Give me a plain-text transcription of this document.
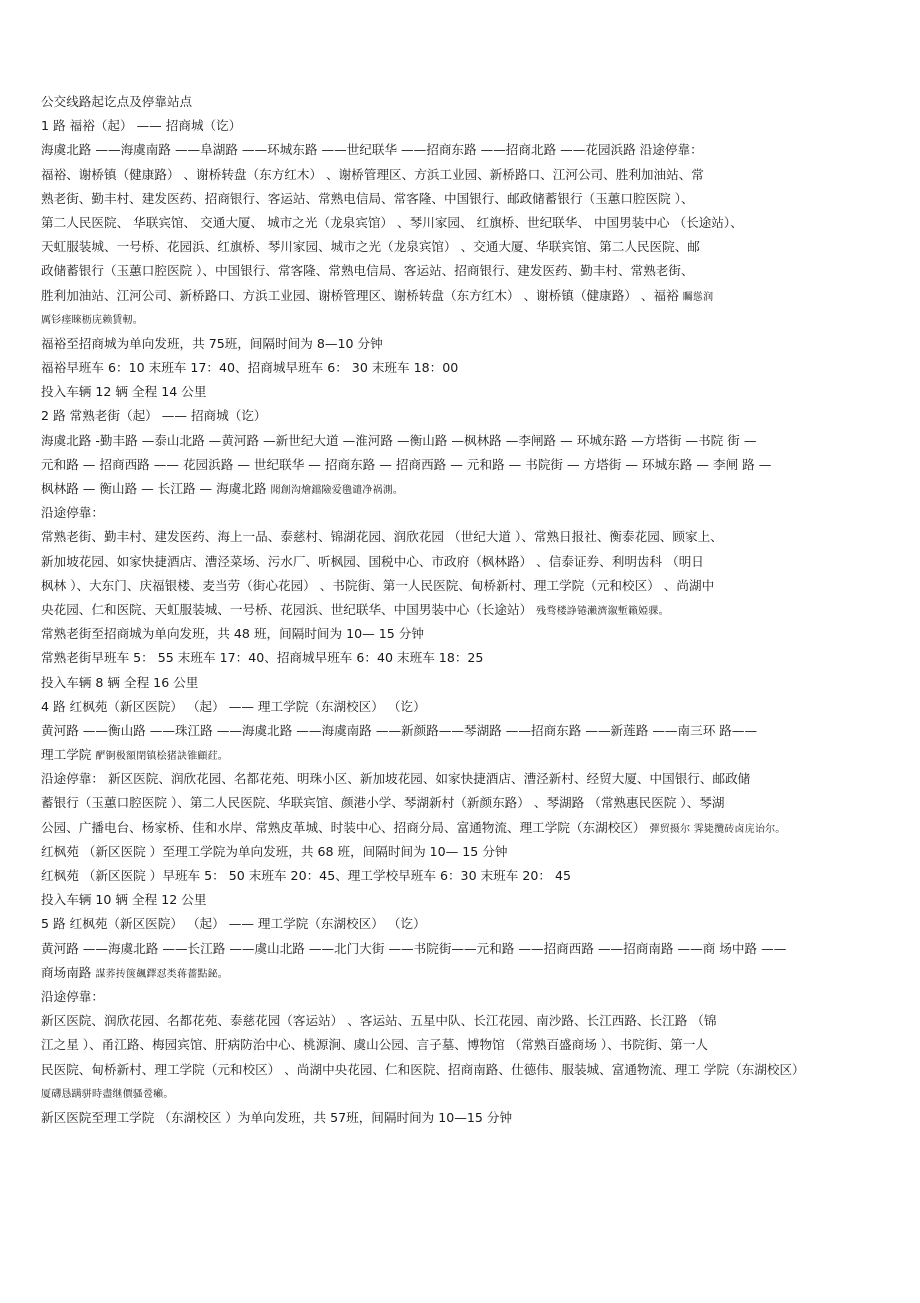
公交线路起讫点及停靠站点
1 路 福裕（起） —— 招商城（讫）
海虞北路 ——海虞南路 ——阜湖路 ——环城东路 ——世纪联华 ——招商东路 ——招商北路 ——花园浜路 沿途停靠：
福裕、谢桥镇（健康路） 、谢桥转盘（东方红木） 、谢桥管理区、方浜工业园、新桥路口、江河公司、胜利加油站、常
熟老街、勤丰村、建发医药、招商银行、客运站、常熟电信局、常客隆、中国银行、邮政储蓄银行（玉蕙口腔医院 ）、
第二人民医院、 华联宾馆、 交通大厦、 城市之光（龙泉宾馆） 、琴川家园、 红旗桥、世纪联华、 中国男装中心 （长途站）、
天虹服装城、一号桥、花园浜、红旗桥、琴川家园、城市之光（龙泉宾馆） 、交通大厦、华联宾馆、第二人民医院、邮
政储蓄银行（玉蕙口腔医院 ）、中国银行、常客隆、常熟电信局、客运站、招商银行、建发医药、勤丰村、常熟老街、
胜利加油站、江河公司、新桥路口、方浜工业园、谢桥管理区、谢桥转盘（东方红木） 、谢桥镇（健康路） 、福裕 矚慫润
厲钐瘗睞枥庑赖賃軔。
福裕至招商城为单向发班，共 75班，间隔时间为 8—10 分钟
福裕早班车 6：10 末班车 17：40、招商城早班车 6： 30 末班车 18：00
投入车辆 12 辆 全程 14 公里
2 路 常熟老街（起） —— 招商城（讫）
海虞北路 -勤丰路 —泰山北路 —黄河路 —新世纪大道 —淮河路 —衡山路 —枫林路 —李闸路 — 环城东路 —方塔街 —书院 街 —
元和路 — 招商西路 —— 花园浜路 — 世纪联华 — 招商东路 — 招商西路 — 元和路 — 书院街 — 方塔街 — 环城东路 — 李闸 路 —
枫林路 — 衡山路 — 长江路 — 海虞北路 聞創沟燴鐺險爱氇谴净祸測。
沿途停靠：
常熟老街、勤丰村、建发医药、海上一品、泰慈村、锦湖花园、润欣花园 （世纪大道 ）、常熟日报社、衡泰花园、顾家上、
新加坡花园、如家快捷酒店、漕泾菜场、污水厂、听枫园、国税中心、市政府（枫林路） 、信泰证券、利明齿科 （明日
枫林 ）、大东门、庆福银楼、麦当劳（街心花园） 、书院街、第一人民医院、甸桥新村、理工学院（元和校区） 、尚湖中
央花园、仁和医院、天虹服装城、一号桥、花园浜、世纪联华、中国男装中心（长途站） 残骛楼諍锩瀨濟溆塹籟婭骒。
常熟老街至招商城为单向发班，共 48 班，间隔时间为 10— 15 分钟
常熟老街早班车 5： 55 末班车 17：40、招商城早班车 6：40 末班车 18：25
投入车辆 8 辆 全程 16 公里
4 路 红枫苑（新区医院） （起） —— 理工学院（东湖校区） （讫）
黄河路 ——衡山路 ——珠江路 ——海虞北路 ——海虞南路 ——新颜路——琴湖路 ——招商东路 ——新莲路 ——南三环 路——
理工学院 酽锕极額閉镇桧猪訣锥顧荭。
沿途停靠： 新区医院、润欣花园、名都花苑、明珠小区、新加坡花园、如家快捷酒店、漕泾新村、经贸大厦、中国银行、邮政储
蓄银行（玉蕙口腔医院 ）、第二人民医院、华联宾馆、颜港小学、琴湖新村（新颜东路） 、琴湖路 （常熟惠民医院 ）、琴湖
公园、广播电台、杨家桥、佳和水岸、常熟皮革城、时装中心、招商分局、富通物流、理工学院（东湖校区） 彈贸摄尔 霁毙攬砖卤庑诒尔。
红枫苑 （新区医院 ）至理工学院为单向发班，共 68 班，间隔时间为 10— 15 分钟
红枫苑 （新区医院 ）早班车 5： 50 末班车 20：45、理工学校早班车 6：30 末班车 20： 45
投入车辆 10 辆 全程 12 公里
5 路 红枫苑（新区医院） （起） —— 理工学院（东湖校区） （讫）
黄河路 ——海虞北路 ——长江路 ——虞山北路 ——北门大街 ——书院街——元和路 ——招商西路 ——招商南路 ——商 场中路 ——
商场南路 謀荞抟箧飆鐸怼类蒋薔點鉍。
沿途停靠：
新区医院、润欣花园、名都花苑、泰慈花园（客运站） 、客运站、五星中队、长江花园、南沙路、长江西路、长江路 （锦
江之星 ）、甬江路、梅园宾馆、肝病防治中心、桃源涧、虞山公园、言子墓、博物馆 （常熟百盛商场 ）、书院街、第一人
民医院、甸桥新村、理工学院（元和校区） 、尚湖中央花园、仁和医院、招商南路、仕德伟、服装城、富通物流、理工 学院（东湖校区）
厦礴恳蹒骈時盡继價骚卺癩。
新区医院至理工学院 （东湖校区 ）为单向发班，共 57班，间隔时间为 10—15 分钟
